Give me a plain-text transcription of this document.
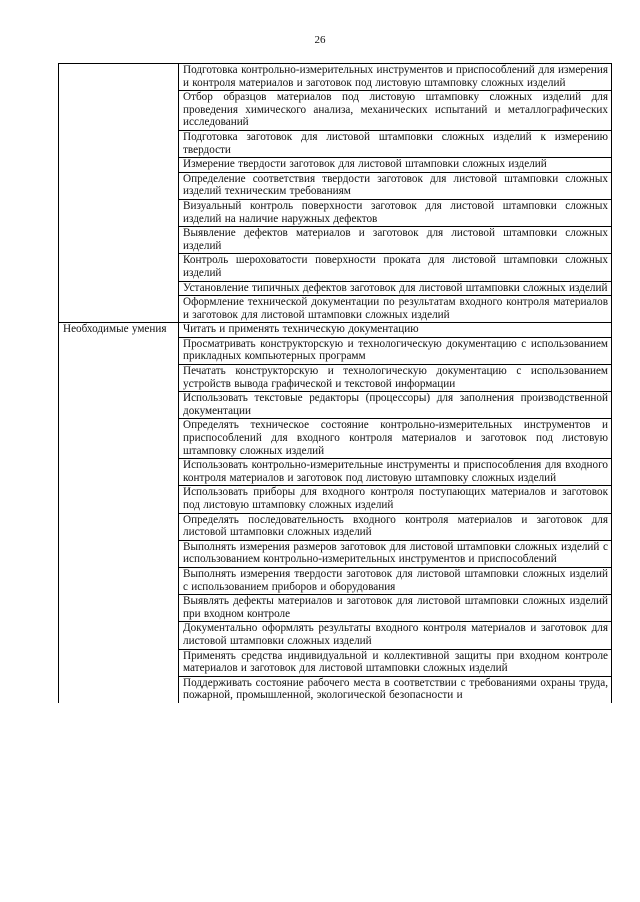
26
	Подготовка контрольно-измерительных инструментов и приспособлений для измерения и контроля материалов и заготовок под листовую штамповку сложных изделий
	Отбор образцов материалов под листовую штамповку сложных изделий для проведения химического анализа, механических испытаний и металлографических исследований
	Подготовка заготовок для листовой штамповки сложных изделий к измерению твердости
	Измерение твердости заготовок для листовой штамповки сложных изделий
	Определение соответствия твердости заготовок для листовой штамповки сложных изделий техническим требованиям
	Визуальный контроль поверхности заготовок для листовой штамповки сложных изделий на наличие наружных дефектов
	Выявление дефектов материалов и заготовок для листовой штамповки сложных изделий
	Контроль шероховатости поверхности проката для листовой штамповки сложных изделий
	Установление типичных дефектов заготовок для листовой штамповки сложных изделий
	Оформление технической документации по результатам входного контроля материалов и заготовок для листовой штамповки сложных изделий
Необходимые умения	Читать и применять техническую документацию
	Просматривать конструкторскую и технологическую документацию с использованием прикладных компьютерных программ
	Печатать конструкторскую и технологическую документацию с использованием устройств вывода графической и текстовой информации
	Использовать текстовые редакторы (процессоры) для заполнения производственной документации
	Определять техническое состояние контрольно-измерительных инструментов и приспособлений для входного контроля материалов и заготовок под листовую штамповку сложных изделий
	Использовать контрольно-измерительные инструменты и приспособления для входного контроля материалов и заготовок под листовую штамповку сложных изделий
	Использовать приборы для входного контроля поступающих материалов и заготовок под листовую штамповку сложных изделий
	Определять последовательность входного контроля материалов и заготовок для листовой штамповки сложных изделий
	Выполнять измерения размеров заготовок для листовой штамповки сложных изделий с использованием контрольно-измерительных инструментов и приспособлений
	Выполнять измерения твердости заготовок для листовой штамповки сложных изделий с использованием приборов и оборудования
	Выявлять дефекты материалов и заготовок для листовой штамповки сложных изделий при входном контроле
	Документально оформлять результаты входного контроля материалов и заготовок для листовой штамповки сложных изделий
	Применять средства индивидуальной и коллективной защиты при входном контроле материалов и заготовок для листовой штамповки сложных изделий
	Поддерживать состояние рабочего места в соответствии с требованиями охраны труда, пожарной, промышленной, экологической безопасности и
